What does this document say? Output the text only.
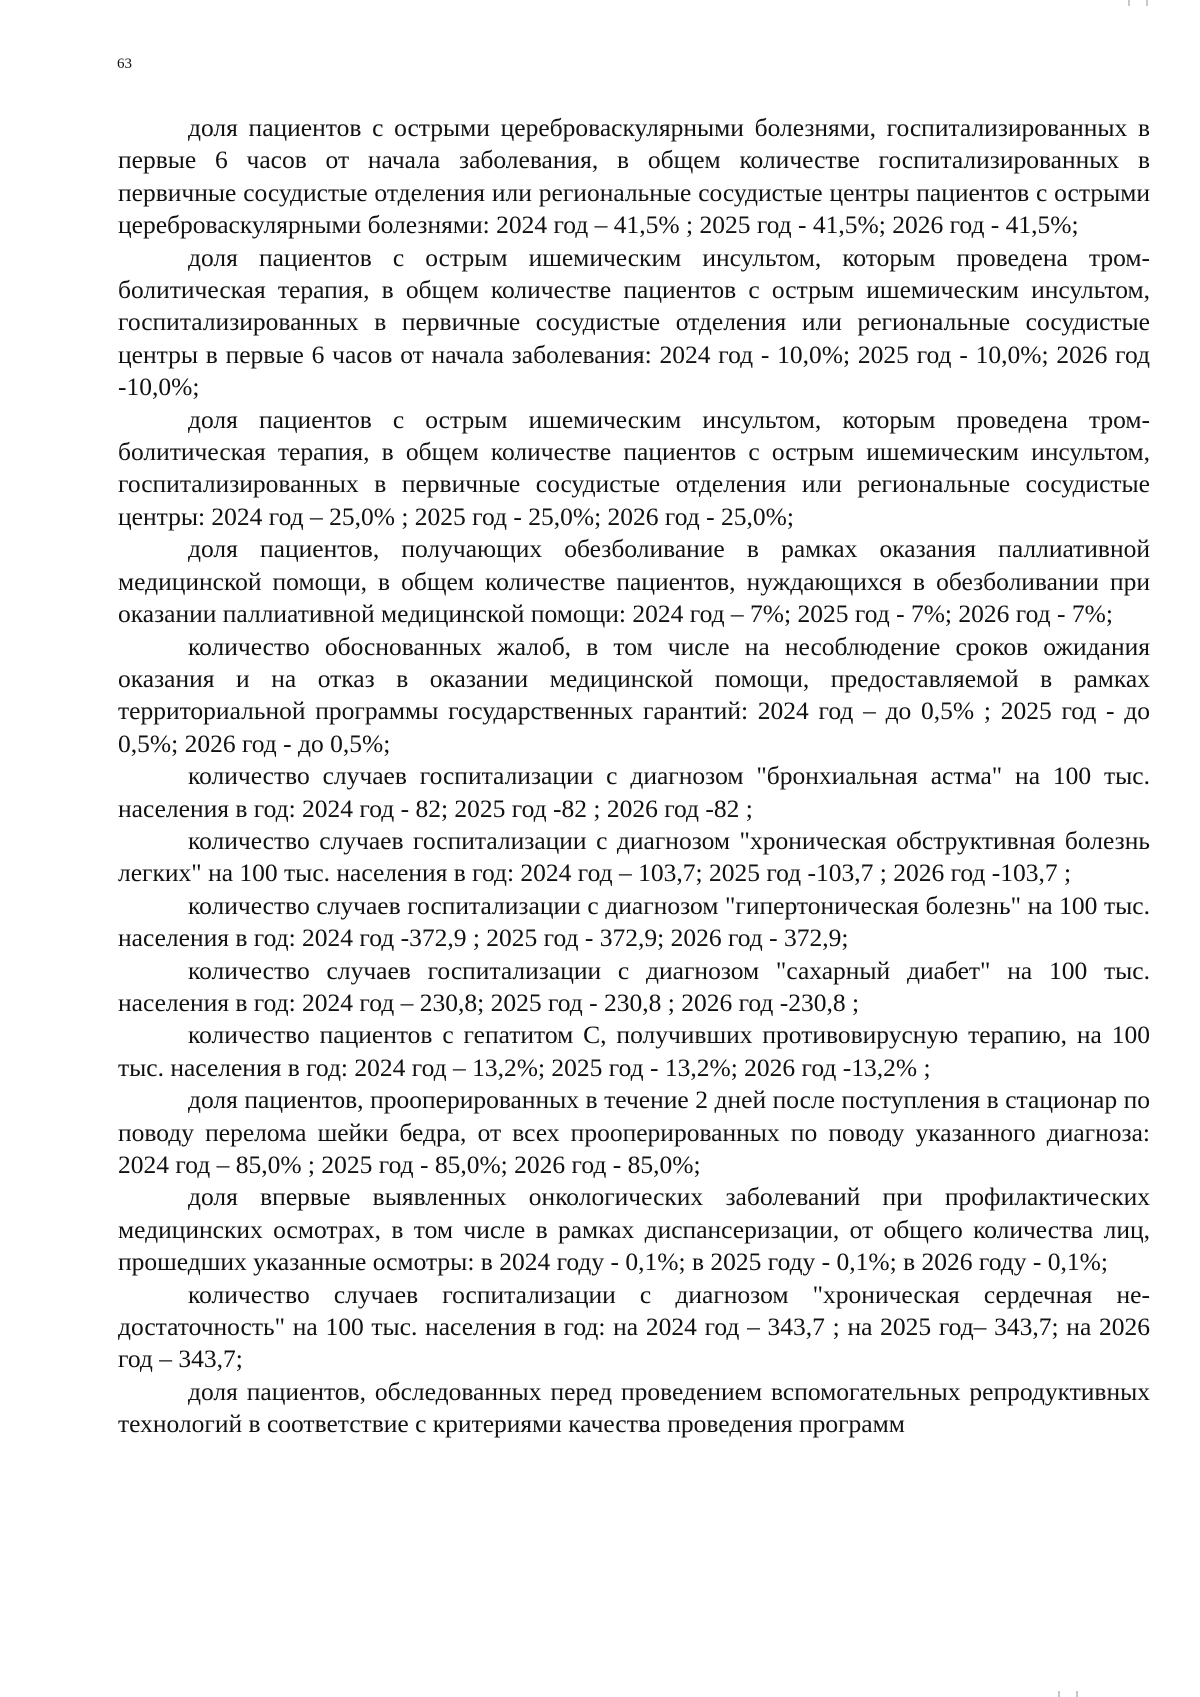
63

доля пациентов с острыми цереброваскулярными болезнями, госпитализированных в первые 6 часов от начала заболевания, в общем количестве госпитализированных в первичные сосудистые отделения или региональные сосудистые центры пациентов с острыми цереброваскулярными болезнями: 2024 год – 41,5% ; 2025 год - 41,5%; 2026 год - 41,5%;

доля пациентов с острым ишемическим инсультом, которым проведена тромболитическая терапия, в общем количестве пациентов с острым ишемическим инсультом, госпитализированных в первичные сосудистые отделения или региональные сосудистые центры в первые 6 часов от начала заболевания: 2024 год - 10,0%; 2025 год - 10,0%; 2026 год -10,0%;

доля пациентов с острым ишемическим инсультом, которым проведена тромболитическая терапия, в общем количестве пациентов с острым ишемическим инсультом, госпитализированных в первичные сосудистые отделения или региональные сосудистые центры: 2024 год – 25,0% ; 2025 год - 25,0%; 2026 год - 25,0%;

доля пациентов, получающих обезболивание в рамках оказания паллиативной медицинской помощи, в общем количестве пациентов, нуждающихся в обезболивании при оказании паллиативной медицинской помощи: 2024 год – 7%; 2025 год - 7%; 2026 год - 7%;

количество обоснованных жалоб, в том числе на несоблюдение сроков ожидания оказания и на отказ в оказании медицинской помощи, предоставляемой в рамках территориальной программы государственных гарантий: 2024 год – до 0,5% ; 2025 год - до 0,5%; 2026 год - до 0,5%;

количество случаев госпитализации с диагнозом "бронхиальная астма" на 100 тыс. населения в год: 2024 год - 82; 2025 год -82 ; 2026 год -82 ;

количество случаев госпитализации с диагнозом "хроническая обструктивная болезнь легких" на 100 тыс. населения в год: 2024 год – 103,7; 2025 год -103,7 ; 2026 год -103,7 ;

количество случаев госпитализации с диагнозом "гипертоническая болезнь" на 100 тыс. населения в год: 2024 год -372,9 ; 2025 год - 372,9; 2026 год - 372,9;

количество случаев госпитализации с диагнозом "сахарный диабет" на 100 тыс. населения в год: 2024 год – 230,8; 2025 год - 230,8 ; 2026 год -230,8 ;

количество пациентов с гепатитом С, получивших противовирусную терапию, на 100 тыс. населения в год: 2024 год – 13,2%; 2025 год - 13,2%; 2026 год -13,2% ;

доля пациентов, прооперированных в течение 2 дней после поступления в стационар по поводу перелома шейки бедра, от всех прооперированных по поводу указанного диагноза: 2024 год – 85,0% ; 2025 год - 85,0%; 2026 год - 85,0%;

доля впервые выявленных онкологических заболеваний при профилактических медицинских осмотрах, в том числе в рамках диспансеризации, от общего количества лиц, прошедших указанные осмотры: в 2024 году - 0,1%; в 2025 году - 0,1%; в 2026 году - 0,1%;

количество случаев госпитализации с диагнозом "хроническая сердечная недостаточность" на 100 тыс. населения в год: на 2024 год – 343,7 ; на 2025 год– 343,7; на 2026 год – 343,7;

доля пациентов, обследованных перед проведением вспомогательных репродуктивных технологий в соответствие с критериями качества проведения программ
